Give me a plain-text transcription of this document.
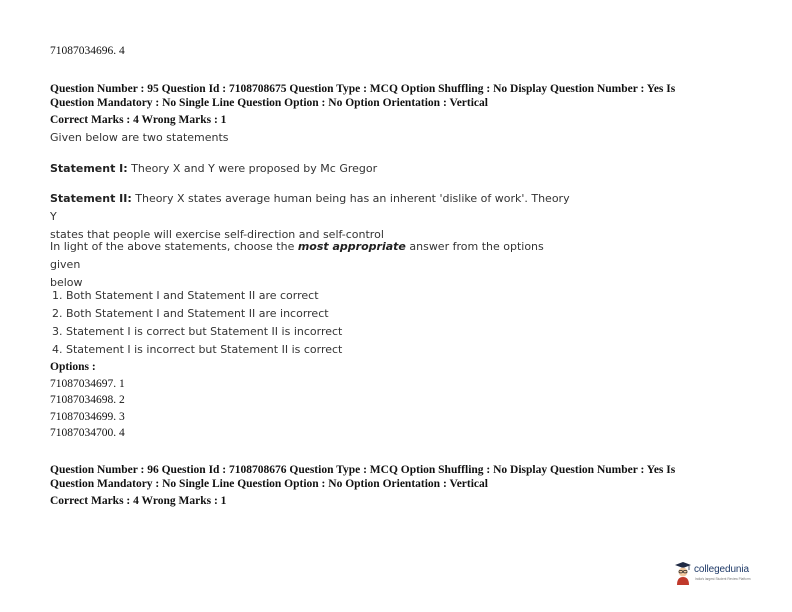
71087034696. 4
Question Number : 95 Question Id : 7108708675 Question Type : MCQ Option Shuffling : No Display Question Number : Yes Is
Question Mandatory : No Single Line Question Option : No Option Orientation : Vertical
Correct Marks : 4 Wrong Marks : 1
Given below are two statements
Statement I: Theory X and Y were proposed by Mc Gregor
Statement II: Theory X states average human being has an inherent 'dislike of work'. Theory Y
states that people will exercise self-direction and self-control
In light of the above statements, choose the most appropriate answer from the options given
below
1. Both Statement I and Statement II are correct
2. Both Statement I and Statement II are incorrect
3. Statement I is correct but Statement II is incorrect
4. Statement I is incorrect but Statement II is correct
Options :
71087034697. 1
71087034698. 2
71087034699. 3
71087034700. 4
Question Number : 96 Question Id : 7108708676 Question Type : MCQ Option Shuffling : No Display Question Number : Yes Is
Question Mandatory : No Single Line Question Option : No Option Orientation : Vertical
Correct Marks : 4 Wrong Marks : 1
collegedunia
India's largest Student Review Platform
